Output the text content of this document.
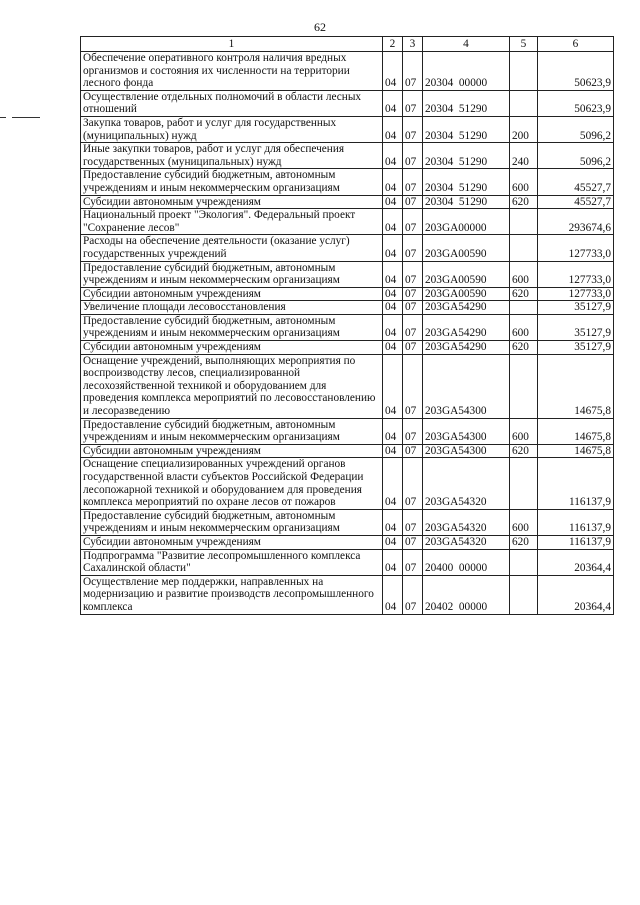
62
1	2	3	4	5	6
Обеспечение оперативного контроля наличия вредных организмов и состояния их численности на территории лесного фонда	04	07	20304  00000		50623,9
Осуществление отдельных полномочий в области лесных отношений	04	07	20304  51290		50623,9
Закупка товаров, работ и услуг для государственных (муниципальных) нужд	04	07	20304  51290	200	5096,2
Иные закупки товаров, работ и услуг для обеспечения государственных (муниципальных) нужд	04	07	20304  51290	240	5096,2
Предоставление субсидий бюджетным, автономным учреждениям и иным некоммерческим организациям	04	07	20304  51290	600	45527,7
Субсидии автономным учреждениям	04	07	20304  51290	620	45527,7
Национальный проект "Экология". Федеральный проект "Сохранение лесов"	04	07	203GA00000		293674,6
Расходы на обеспечение деятельности (оказание услуг) государственных учреждений	04	07	203GA00590		127733,0
Предоставление субсидий бюджетным, автономным учреждениям и иным некоммерческим организациям	04	07	203GA00590	600	127733,0
Субсидии автономным учреждениям	04	07	203GA00590	620	127733,0
Увеличение площади лесовосстановления	04	07	203GA54290		35127,9
Предоставление субсидий бюджетным, автономным учреждениям и иным некоммерческим организациям	04	07	203GA54290	600	35127,9
Субсидии автономным учреждениям	04	07	203GA54290	620	35127,9
Оснащение учреждений, выполняющих мероприятия по воспроизводству лесов, специализированной лесохозяйственной техникой и оборудованием для проведения комплекса мероприятий по лесовосстановлению и лесоразведению	04	07	203GA54300		14675,8
Предоставление субсидий бюджетным, автономным учреждениям и иным некоммерческим организациям	04	07	203GA54300	600	14675,8
Субсидии автономным учреждениям	04	07	203GA54300	620	14675,8
Оснащение специализированных учреждений органов государственной власти субъектов Российской Федерации лесопожарной техникой и оборудованием для проведения комплекса мероприятий по охране лесов от пожаров	04	07	203GA54320		116137,9
Предоставление субсидий бюджетным, автономным учреждениям и иным некоммерческим организациям	04	07	203GA54320	600	116137,9
Субсидии автономным учреждениям	04	07	203GA54320	620	116137,9
Подпрограмма "Развитие лесопромышленного комплекса Сахалинской области"	04	07	20400  00000		20364,4
Осуществление мер поддержки, направленных на модернизацию и развитие производств лесопромышленного комплекса	04	07	20402  00000		20364,4
